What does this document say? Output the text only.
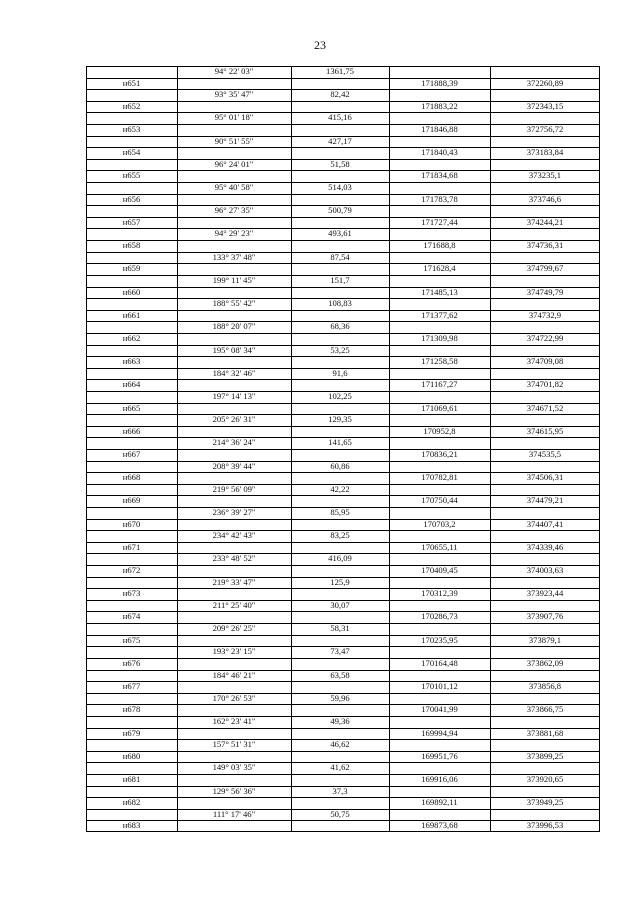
23
94° 22' 03"	1361,75
н651	171888,39	372260,89
93° 35' 47"	82,42
н652	171883,22	372343,15
95° 01' 18"	415,16
н653	171846,88	372756,72
90° 51' 55"	427,17
н654	171840,43	373183,84
96° 24' 01"	51,58
н655	171834,68	373235,1
95° 40' 58"	514,03
н656	171783,78	373746,6
96° 27' 35"	500,79
н657	171727,44	374244,21
94° 29' 23"	493,61
н658	171688,8	374736,31
133° 37' 48"	87,54
н659	171628,4	374799,67
199° 11' 45"	151,7
н660	171485,13	374749,79
188° 55' 42"	108,83
н661	171377,62	374732,9
188° 20' 07"	68,36
н662	171309,98	374722,99
195° 08' 34"	53,25
н663	171258,58	374709,08
184° 32' 46"	91,6
н664	171167,27	374701,82
197° 14' 13"	102,25
н665	171069,61	374671,52
205° 26' 31"	129,35
н666	170952,8	374615,95
214° 36' 24"	141,65
н667	170836,21	374535,5
208° 39' 44"	60,86
н668	170782,81	374506,31
219° 56' 09"	42,22
н669	170750,44	374479,21
236° 39' 27"	85,95
н670	170703,2	374407,41
234° 42' 43"	83,25
н671	170655,11	374339,46
233° 48' 52"	416,09
н672	170409,45	374003,63
219° 33' 47"	125,9
н673	170312,39	373923,44
211° 25' 40"	30,07
н674	170286,73	373907,76
209° 26' 25"	58,31
н675	170235,95	373879,1
193° 23' 15"	73,47
н676	170164,48	373862,09
184° 46' 21"	63,58
н677	170101,12	373856,8
170° 26' 53"	59,96
н678	170041,99	373866,75
162° 23' 41"	49,36
н679	169994,94	373881,68
157° 51' 31"	46,62
н680	169951,76	373899,25
149° 03' 35"	41,62
н681	169916,06	373920,65
129° 56' 36"	37,3
н682	169892,11	373949,25
111° 17' 46"	50,75
н683	169873,68	373996,53
